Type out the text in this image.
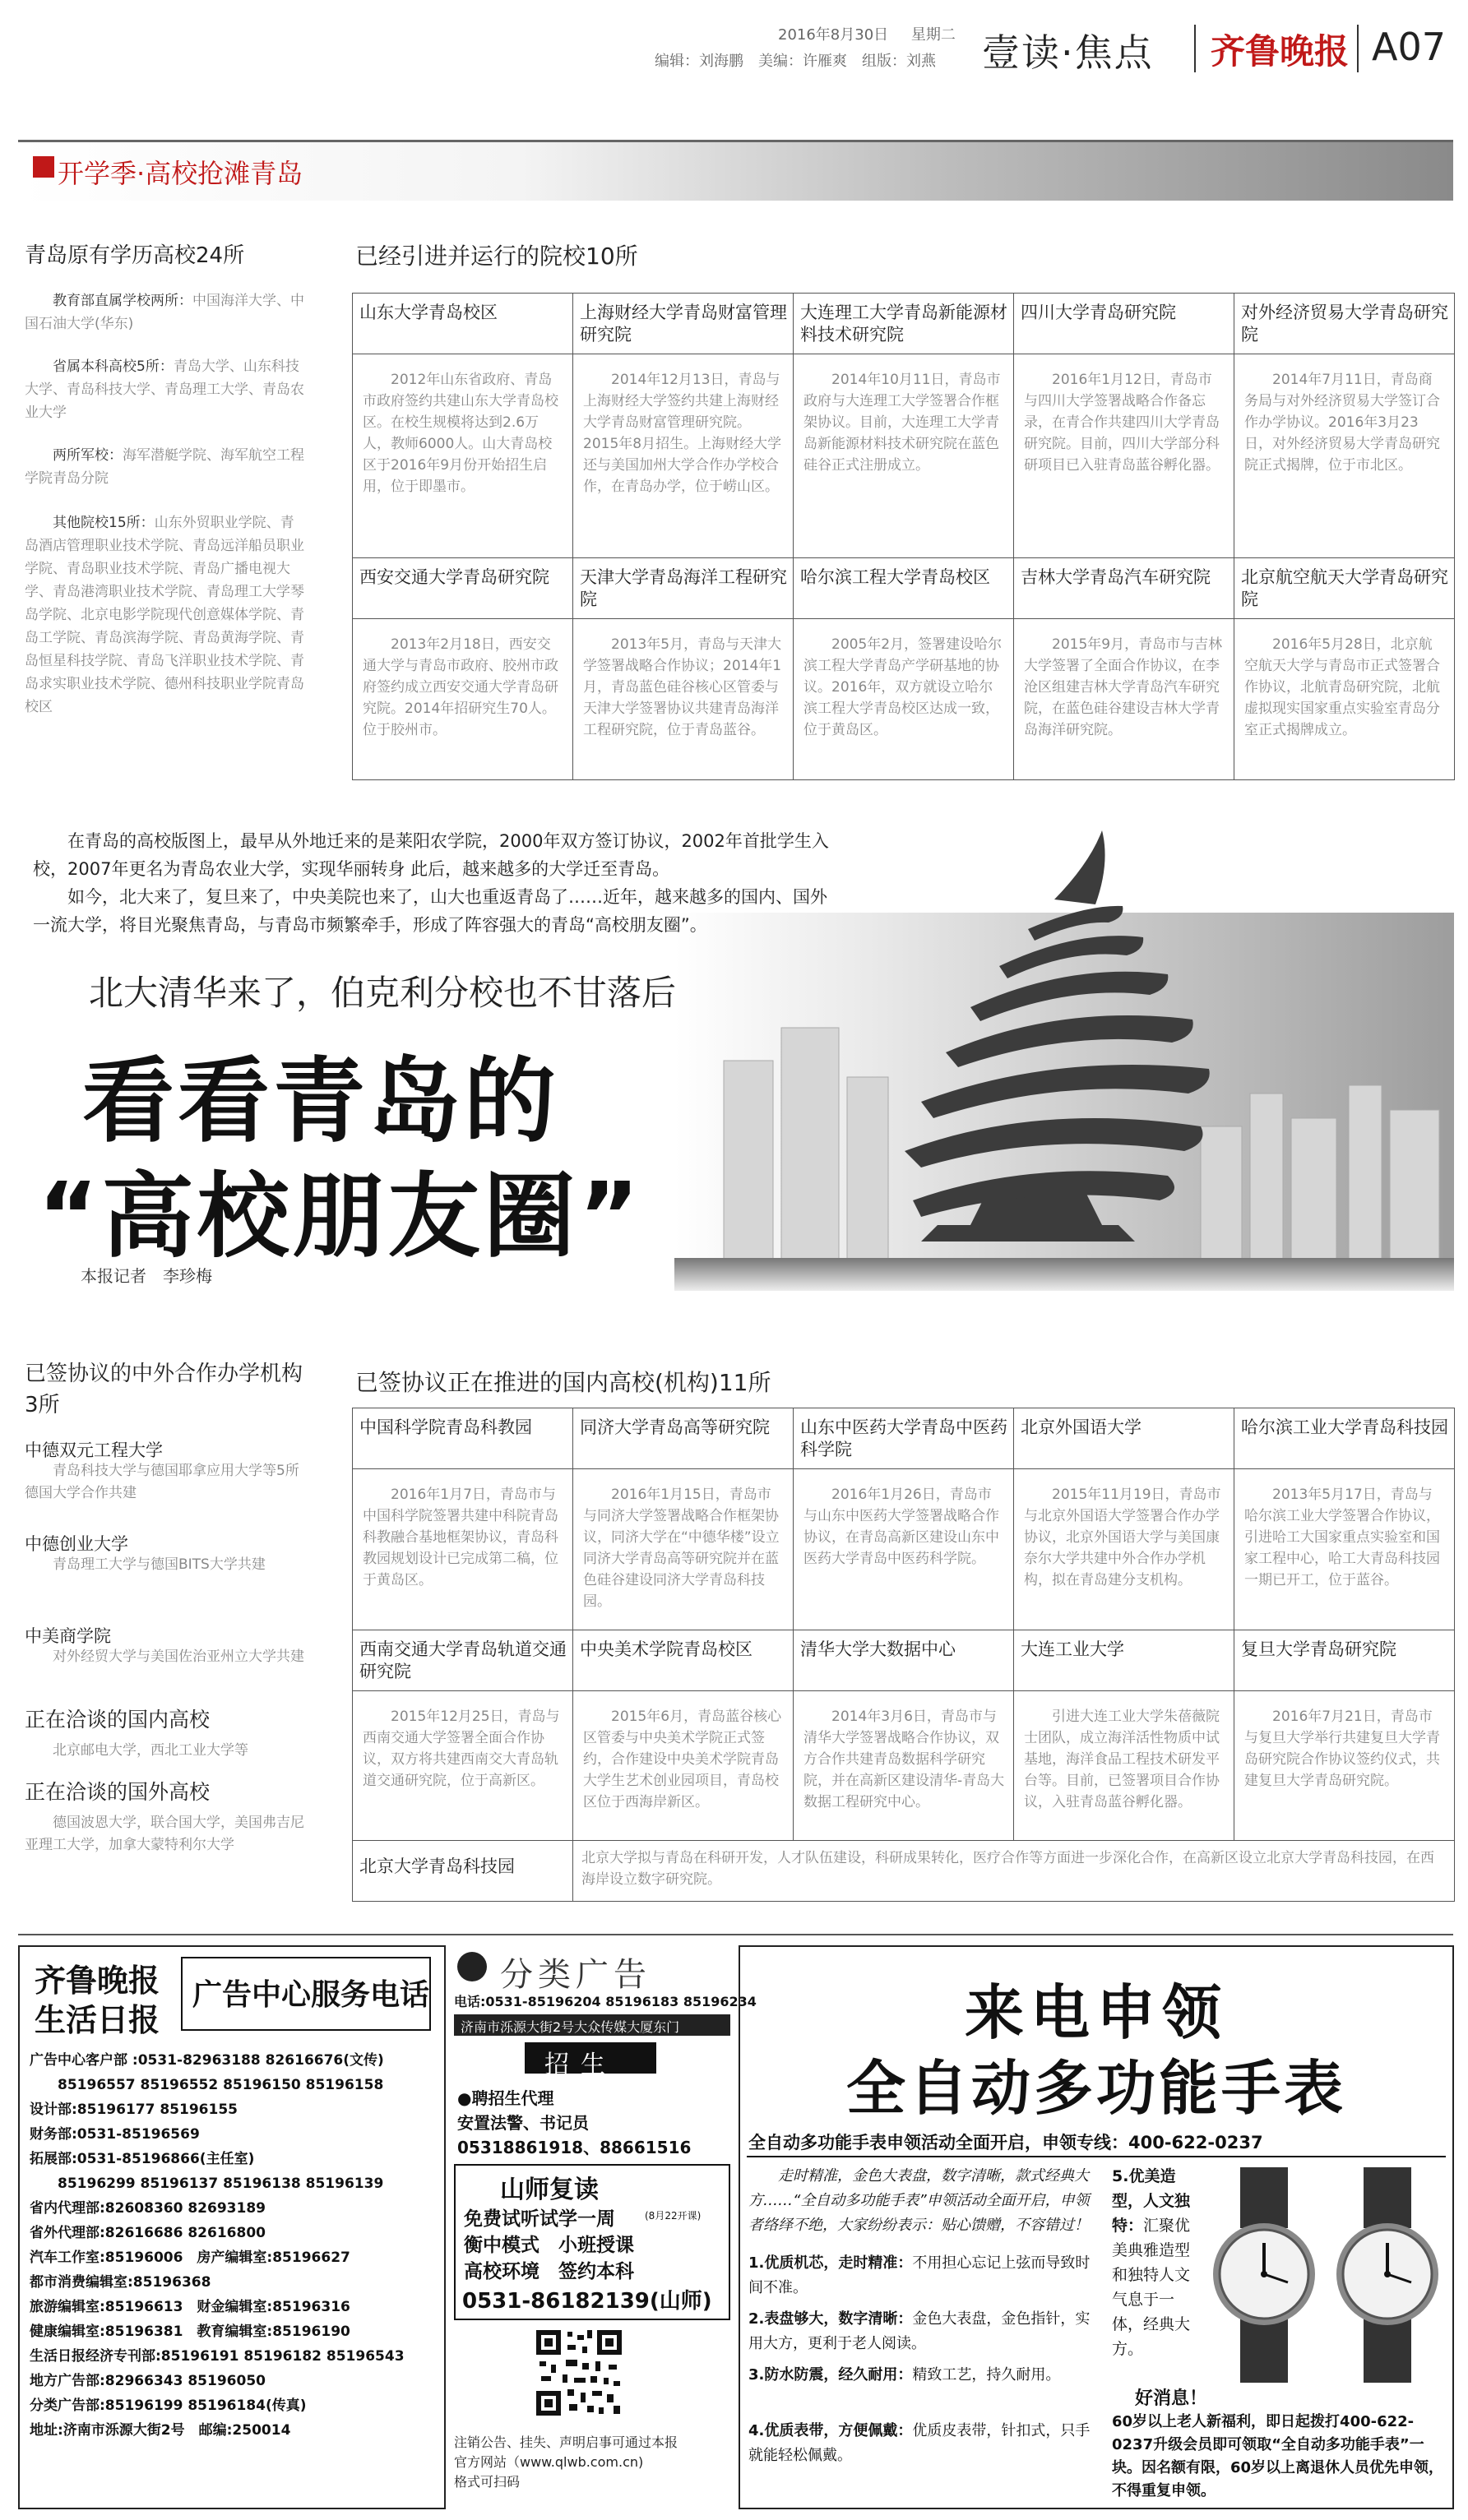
2016年8月30日 星期二
编辑：刘海鹏　美编：许雁爽　组版：刘燕 壹读·焦点 齐鲁晚报 A07
开学季·高校抢滩青岛
青岛原有学历高校24所
教育部直属学校两所：中国海洋大学、中国石油大学(华东)
省属本科高校5所：青岛大学、山东科技大学、青岛科技大学、青岛理工大学、青岛农业大学
两所军校：海军潜艇学院、海军航空工程学院青岛分院
其他院校15所：山东外贸职业学院、青岛酒店管理职业技术学院、青岛远洋船员职业学院、青岛职业技术学院、青岛广播电视大学、青岛港湾职业技术学院、青岛理工大学琴岛学院、北京电影学院现代创意媒体学院、青岛工学院、青岛滨海学院、青岛黄海学院、青岛恒星科技学院、青岛飞洋职业技术学院、青岛求实职业技术学院、德州科技职业学院青岛校区
已经引进并运行的院校10所
山东大学青岛校区	上海财经大学青岛财富管理研究院	大连理工大学青岛新能源材料技术研究院	四川大学青岛研究院	对外经济贸易大学青岛研究院
2012年山东省政府、青岛市政府签约共建山东大学青岛校区。在校生规模将达到2.6万人，教师6000人。山大青岛校区于2016年9月份开始招生启用，位于即墨市。	2014年12月13日，青岛与上海财经大学签约共建上海财经大学青岛财富管理研究院。2015年8月招生。上海财经大学还与美国加州大学合作办学校合作，在青岛办学，位于崂山区。	2014年10月11日，青岛市政府与大连理工大学签署合作框架协议。目前，大连理工大学青岛新能源材料技术研究院在蓝色硅谷正式注册成立。	2016年1月12日，青岛市与四川大学签署战略合作备忘录，在青合作共建四川大学青岛研究院。目前，四川大学部分科研项目已入驻青岛蓝谷孵化器。	2014年7月11日，青岛商务局与对外经济贸易大学签订合作办学协议。2016年3月23日，对外经济贸易大学青岛研究院正式揭牌，位于市北区。
西安交通大学青岛研究院	天津大学青岛海洋工程研究院	哈尔滨工程大学青岛校区	吉林大学青岛汽车研究院	北京航空航天大学青岛研究院
2013年2月18日，西安交通大学与青岛市政府、胶州市政府签约成立西安交通大学青岛研究院。2014年招研究生70人。位于胶州市。	2013年5月，青岛与天津大学签署战略合作协议；2014年1月，青岛蓝色硅谷核心区管委与天津大学签署协议共建青岛海洋工程研究院，位于青岛蓝谷。	2005年2月，签署建设哈尔滨工程大学青岛产学研基地的协议。2016年，双方就设立哈尔滨工程大学青岛校区达成一致，位于黄岛区。	2015年9月，青岛市与吉林大学签署了全面合作协议，在李沧区组建吉林大学青岛汽车研究院，在蓝色硅谷建设吉林大学青岛海洋研究院。	2016年5月28日，北京航空航天大学与青岛市正式签署合作协议，北航青岛研究院，北航虚拟现实国家重点实验室青岛分室正式揭牌成立。
在青岛的高校版图上，最早从外地迁来的是莱阳农学院，2000年双方签订协议，2002年首批学生入校，2007年更名为青岛农业大学，实现华丽转身 此后，越来越多的大学迁至青岛。
如今，北大来了，复旦来了，中央美院也来了，山大也重返青岛了……近年，越来越多的国内、国外一流大学，将目光聚焦青岛，与青岛市频繁牵手，形成了阵容强大的青岛“高校朋友圈”。
北大清华来了，伯克利分校也不甘落后
看看青岛的
“高校朋友圈”
本报记者　李珍梅
已签协议的中外合作办学机构3所
中德双元工程大学
青岛科技大学与德国耶拿应用大学等5所德国大学合作共建
中德创业大学
青岛理工大学与德国BITS大学共建
中美商学院
对外经贸大学与美国佐治亚州立大学共建
正在洽谈的国内高校
北京邮电大学，西北工业大学等
正在洽谈的国外高校
德国波恩大学，联合国大学，美国弗吉尼亚理工大学，加拿大蒙特利尔大学
已签协议正在推进的国内高校(机构)11所
中国科学院青岛科教园	同济大学青岛高等研究院	山东中医药大学青岛中医药科学院	北京外国语大学	哈尔滨工业大学青岛科技园
2016年1月7日，青岛市与中国科学院签署共建中科院青岛科教融合基地框架协议，青岛科教园规划设计已完成第二稿，位于黄岛区。	2016年1月15日，青岛市与同济大学签署战略合作框架协议，同济大学在“中德华楼”设立同济大学青岛高等研究院并在蓝色硅谷建设同济大学青岛科技园。	2016年1月26日，青岛市与山东中医药大学签署战略合作协议，在青岛高新区建设山东中医药大学青岛中医药科学院。	2015年11月19日，青岛市与北京外国语大学签署合作办学协议，北京外国语大学与美国康奈尔大学共建中外合作办学机构，拟在青岛建分支机构。	2013年5月17日，青岛与哈尔滨工业大学签署合作协议，引进哈工大国家重点实验室和国家工程中心，哈工大青岛科技园一期已开工，位于蓝谷。
西南交通大学青岛轨道交通研究院	中央美术学院青岛校区	清华大学大数据中心	大连工业大学	复旦大学青岛研究院
2015年12月25日，青岛与西南交通大学签署全面合作协议，双方将共建西南交大青岛轨道交通研究院，位于高新区。	2015年6月，青岛蓝谷核心区管委与中央美术学院正式签约，合作建设中央美术学院青岛大学生艺术创业园项目，青岛校区位于西海岸新区。	2014年3月6日，青岛市与清华大学签署战略合作协议，双方合作共建青岛数据科学研究院，并在高新区建设清华-青岛大数据工程研究中心。	引进大连工业大学朱蓓薇院士团队，成立海洋活性物质中试基地，海洋食品工程技术研发平台等。目前，已签署项目合作协议，入驻青岛蓝谷孵化器。	2016年7月21日，青岛市与复旦大学举行共建复旦大学青岛研究院合作协议签约仪式，共建复旦大学青岛研究院。
北京大学青岛科技园	北京大学拟与青岛在科研开发，人才队伍建设，科研成果转化，医疗合作等方面进一步深化合作，在高新区设立北京大学青岛科技园，在西海岸设立数字研究院。			
齐鲁晚报
生活日报
广告中心服务电话
广告中心客户部 :0531-82963188 82616676(文传)
　　85196557 85196552 85196150 85196158
设计部:85196177 85196155
财务部:0531-85196569
拓展部:0531-85196866(主任室)
　　85196299 85196137 85196138 85196139
省内代理部:82608360 82693189
省外代理部:82616686 82616800
汽车工作室:85196006　房产编辑室:85196627
都市消费编辑室:85196368
旅游编辑室:85196613　财金编辑室:85196316
健康编辑室:85196381　教育编辑室:85196190
生活日报经济专刊部:85196191 85196182 85196543
地方广告部:82966343 85196050
分类广告部:85196199 85196184(传真)
地址:济南市泺源大街2号　邮编:250014
分类广告
电话:0531-85196204 85196183 85196234
济南市泺源大街2号大众传媒大厦东门
招生
●聘招生代理
安置法警、书记员
05318861918、88661516
山师复读
免费试听试学一周	(8月22开课)
衡中模式　小班授课
高校环境　签约本科
0531-86182139(山师)
注销公告、挂失、声明启事可通过本报
官方网站（www.qlwb.com.cn)
格式可扫码
来电申领
全自动多功能手表
全自动多功能手表申领活动全面开启，申领专线：400-622-0237
走时精准，金色大表盘，数字清晰，款式经典大方……“全自动多功能手表”申领活动全面开启，申领者络绎不绝，大家纷纷表示：贴心馈赠，不容错过！
1.优质机芯，走时精准：不用担心忘记上弦而导致时间不准。
2.表盘够大，数字清晰：金色大表盘，金色指针，实用大方，更利于老人阅读。
3.防水防震，经久耐用：精致工艺，持久耐用。
4.优质表带，方便佩戴：优质皮表带，针扣式，只手就能轻松佩戴。
5.优美造型，人文独特：汇聚优美典雅造型和独特人文气息于一体，经典大方。
好消息！
60岁以上老人新福利，即日起拨打400-622-0237升级会员即可领取“全自动多功能手表”一块。因名额有限，60岁以上离退休人员优先申领，不得重复申领。
